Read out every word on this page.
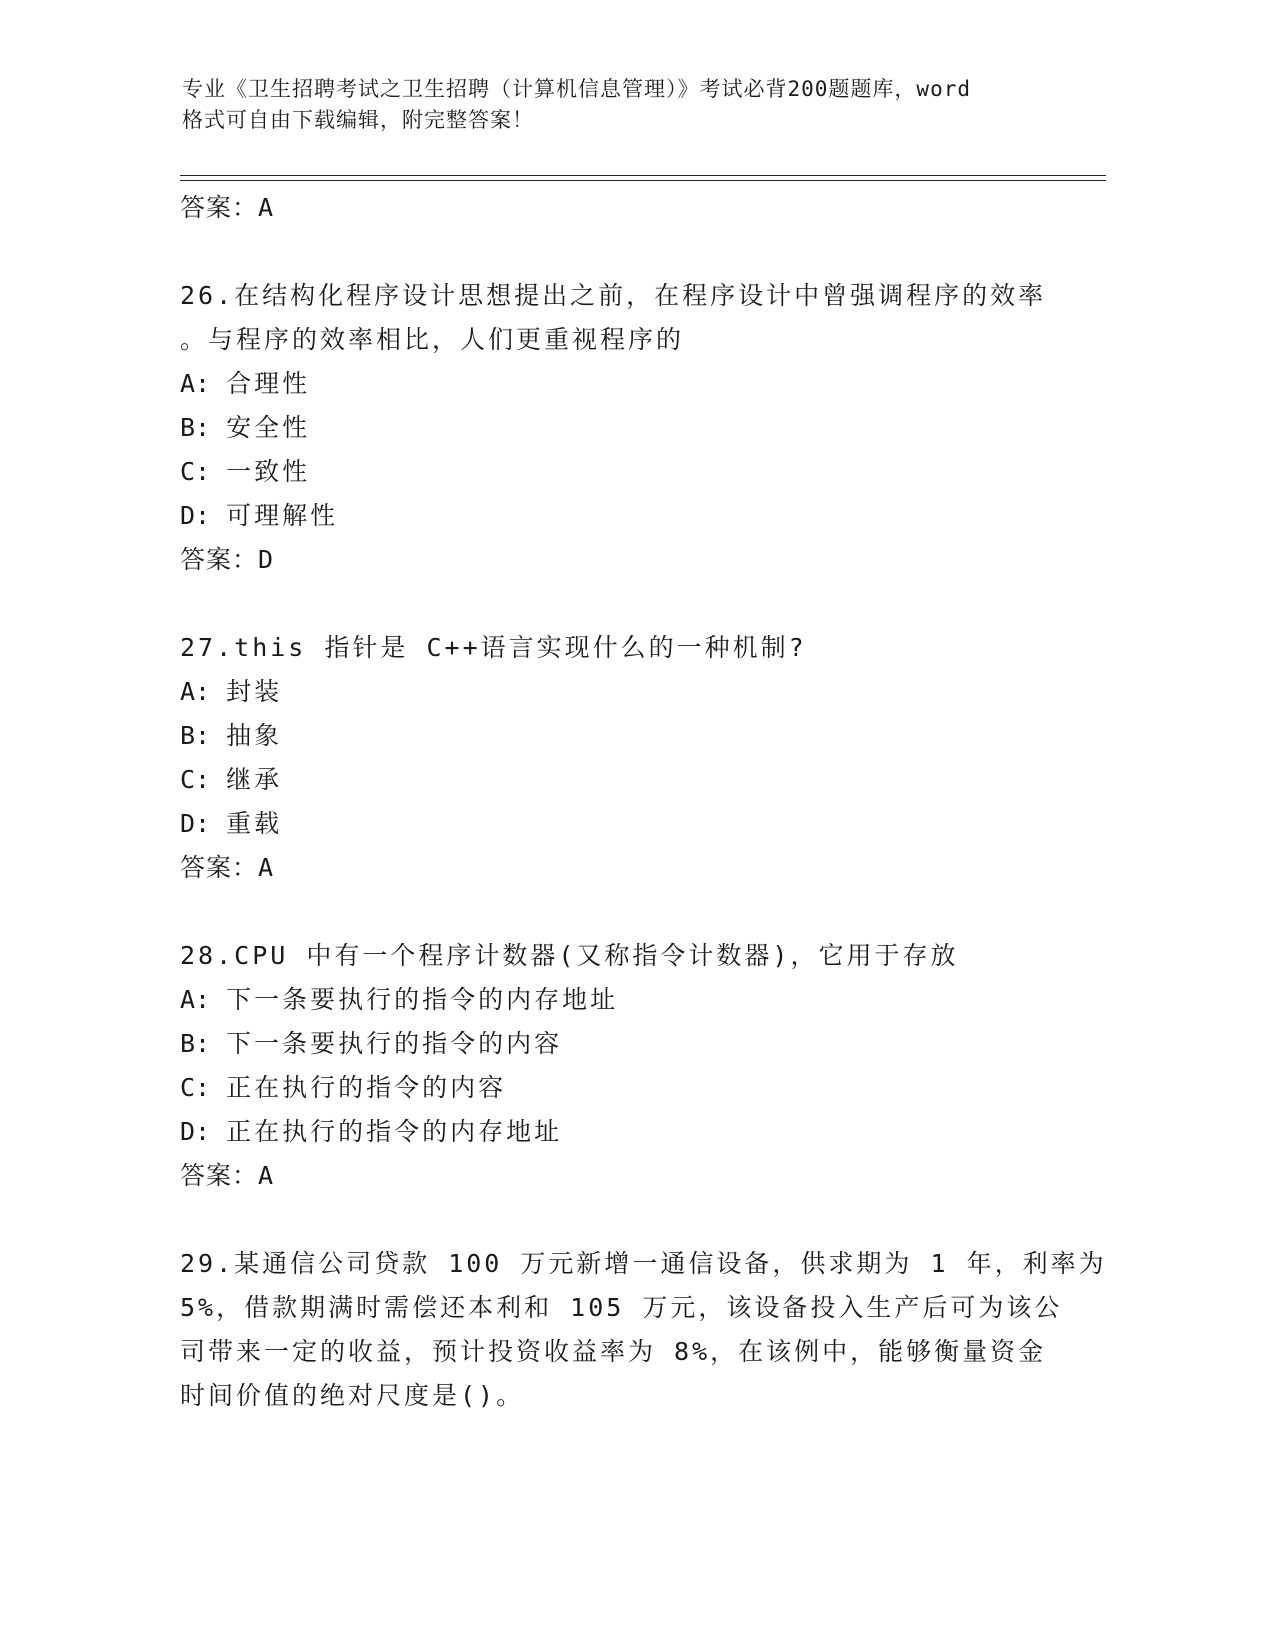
专业《卫生招聘考试之卫生招聘（计算机信息管理）》考试必背200题题库，word
格式可自由下载编辑，附完整答案！
答案：A
26.在结构化程序设计思想提出之前，在程序设计中曾强调程序的效率
。与程序的效率相比，人们更重视程序的
A: 合理性
B: 安全性
C: 一致性
D: 可理解性
答案：D
27.this 指针是 C++语言实现什么的一种机制?
A: 封装
B: 抽象
C: 继承
D: 重载
答案：A
28.CPU 中有一个程序计数器(又称指令计数器)，它用于存放
A: 下一条要执行的指令的内存地址
B: 下一条要执行的指令的内容
C: 正在执行的指令的内容
D: 正在执行的指令的内存地址
答案：A
29.某通信公司贷款 100 万元新增一通信设备，供求期为 1 年，利率为
5%，借款期满时需偿还本利和 105 万元，该设备投入生产后可为该公
司带来一定的收益，预计投资收益率为 8%，在该例中，能够衡量资金
时间价值的绝对尺度是()。
